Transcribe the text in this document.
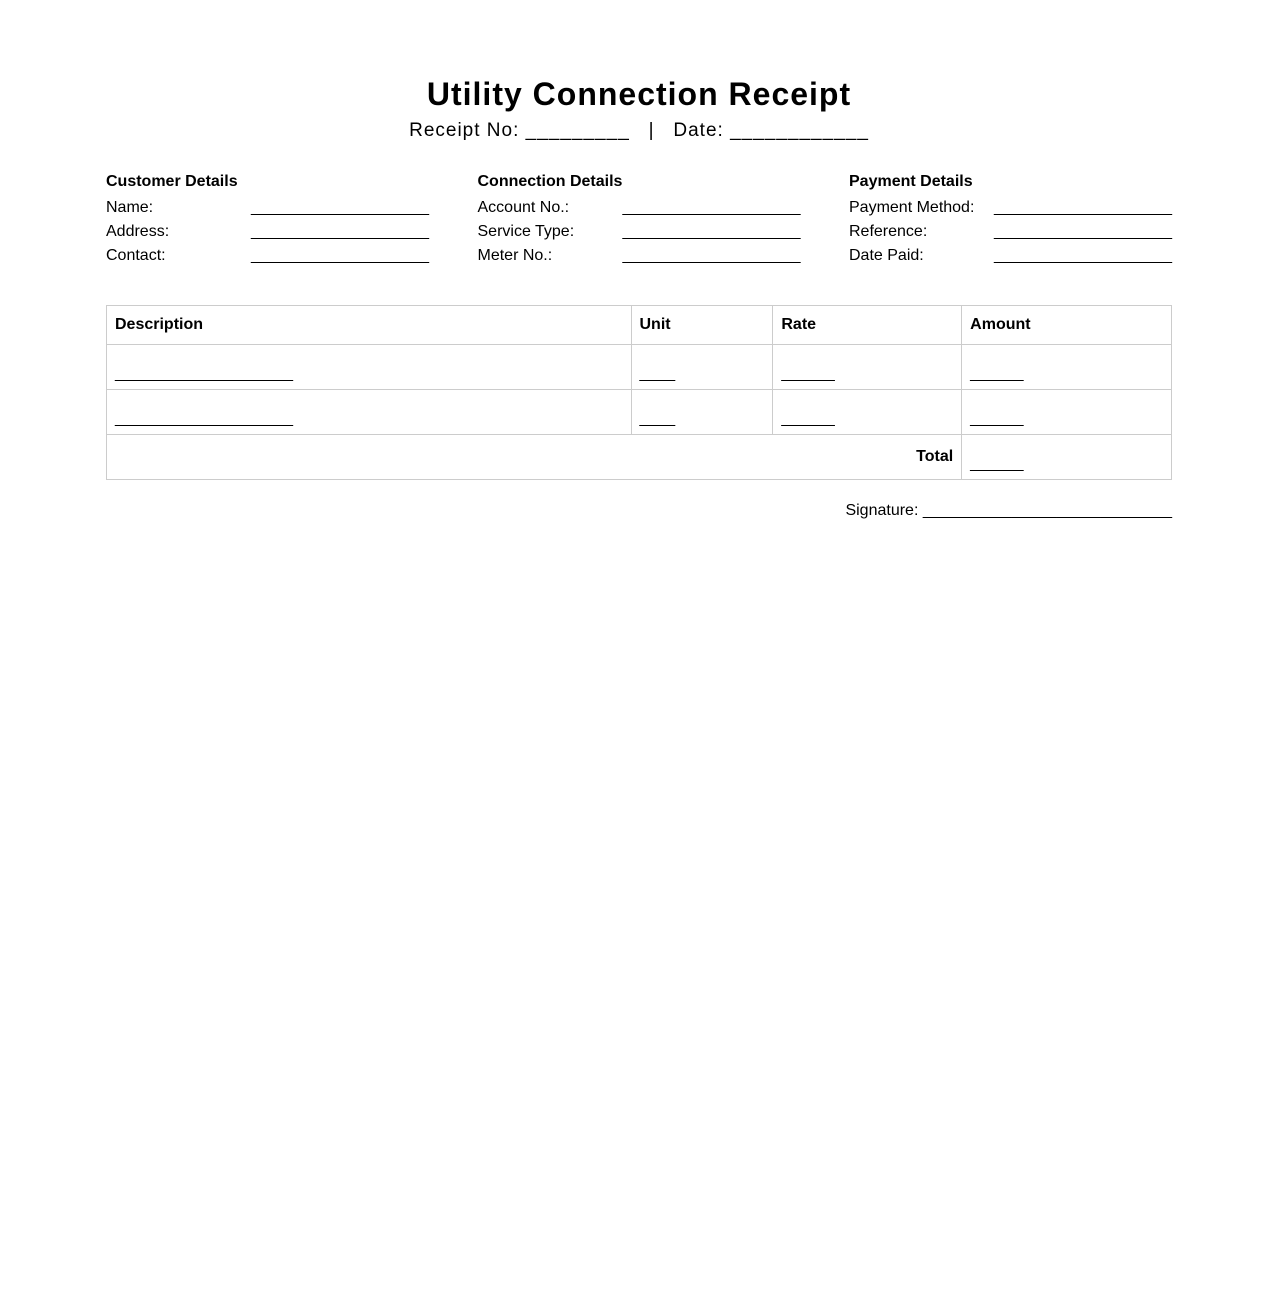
Utility Connection Receipt
Receipt No: _________ | Date: ____________
Customer Details
Name:	____________________
Address:	____________________
Contact:	____________________
Connection Details
Account No.:	____________________
Service Type:	____________________
Meter No.:	____________________
Payment Details
Payment Method:	____________________
Reference:	____________________
Date Paid:	____________________
Description	Unit	Rate	Amount
____________________	____	______	______
____________________	____	______	______
Total			______
Signature: ____________________________
